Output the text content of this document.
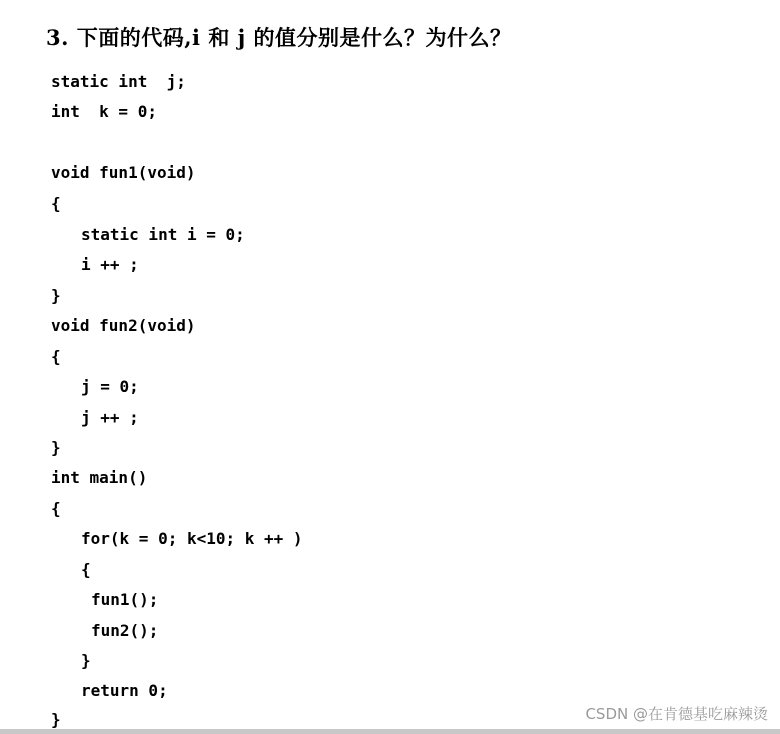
3. 下面的代码,i 和 j 的值分别是什么？为什么？
static int  j;
int  k = 0;
void fun1(void)
{
static int i = 0;
i ++ ;
}
void fun2(void)
{
j = 0;
j ++ ;
}
int main()
{
for(k = 0; k<10; k ++ )
{
fun1();
fun2();
}
return 0;
}	CSDN @在肯德基吃麻辣烫
